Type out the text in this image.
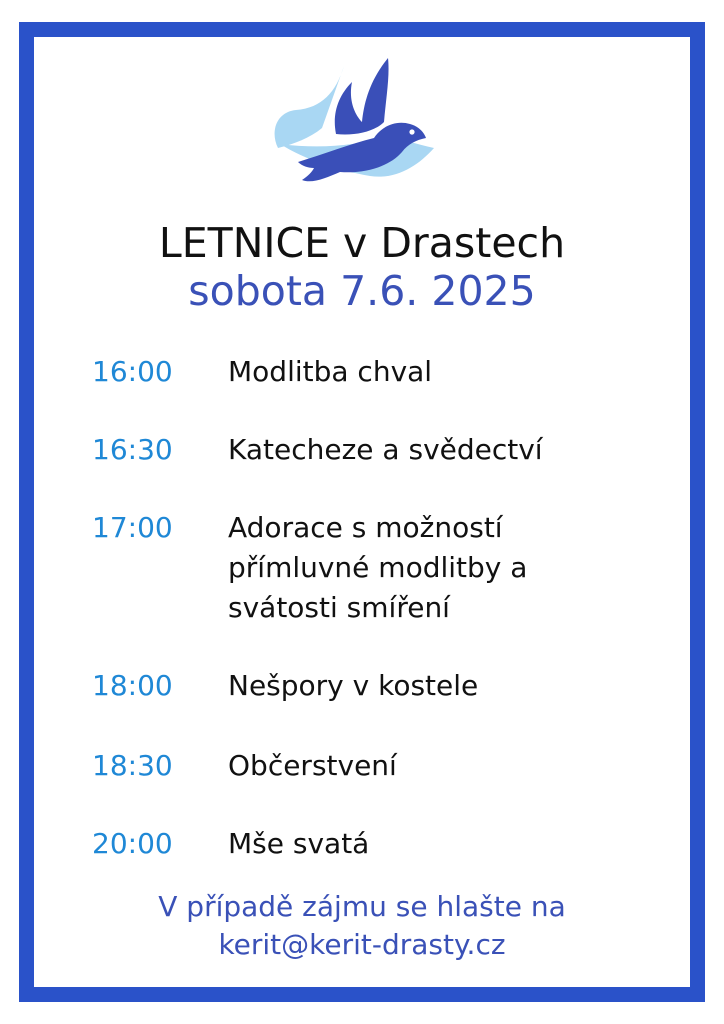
LETNICE v Drastech
sobota 7.6. 2025
16:00 Modlitba chval
16:30 Katecheze a svědectví
17:00 Adorace s možností
přímluvné modlitby a
svátosti smíření
18:00 Nešpory v kostele
18:30 Občerstvení
20:00 Mše svatá
V případě zájmu se hlašte na
kerit@kerit-drasty.cz
